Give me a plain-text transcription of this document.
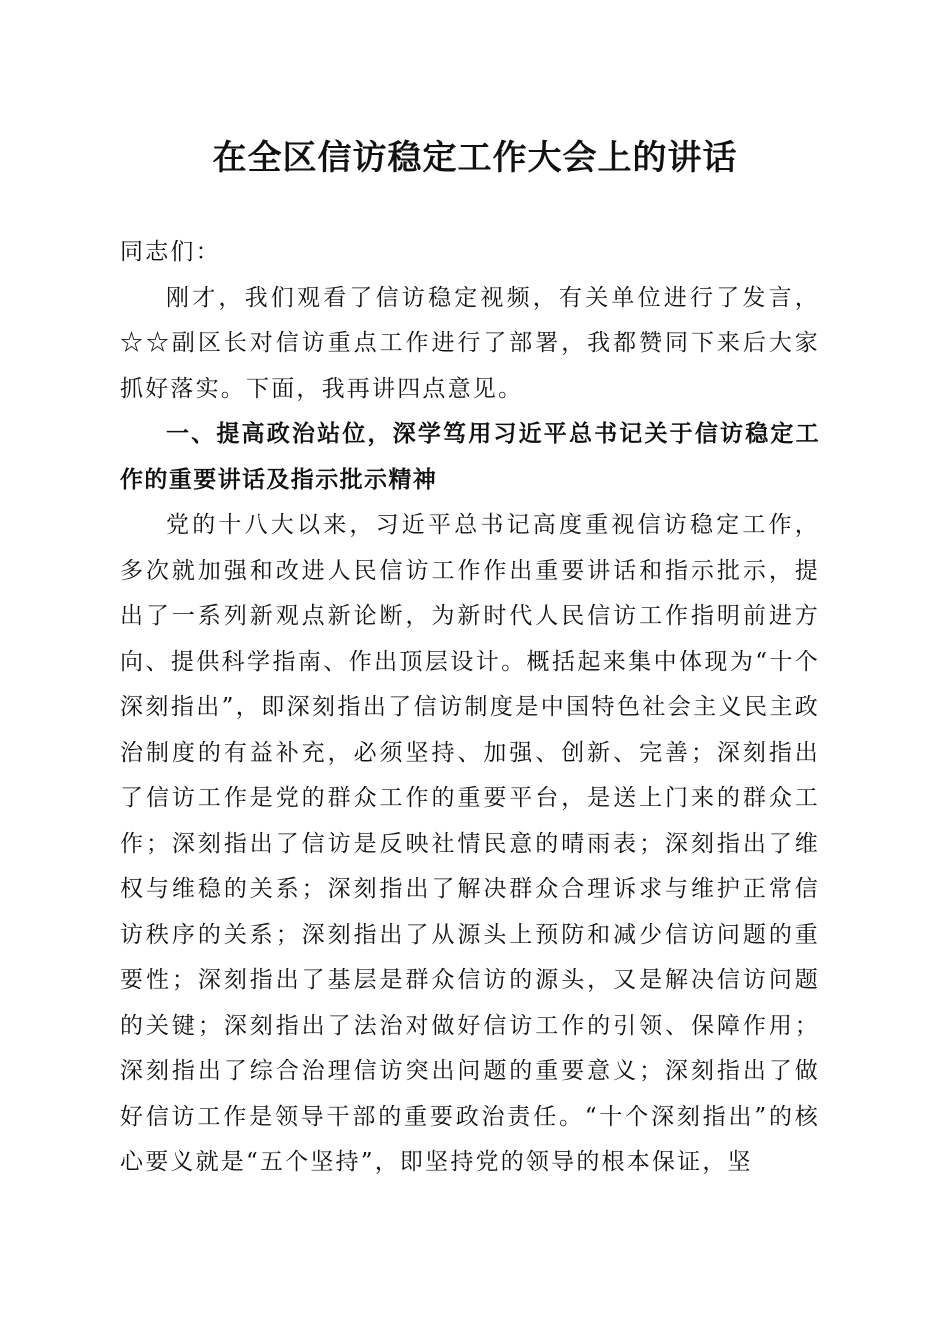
在全区信访稳定工作大会上的讲话

同志们：

刚才，我们观看了信访稳定视频，有关单位进行了发言，☆☆副区长对信访重点工作进行了部署，我都赞同下来后大家抓好落实。下面，我再讲四点意见。

一、提高政治站位，深学笃用习近平总书记关于信访稳定工作的重要讲话及指示批示精神

党的十八大以来，习近平总书记高度重视信访稳定工作，多次就加强和改进人民信访工作作出重要讲话和指示批示，提出了一系列新观点新论断，为新时代人民信访工作指明前进方向、提供科学指南、作出顶层设计。概括起来集中体现为“十个深刻指出”，即深刻指出了信访制度是中国特色社会主义民主政治制度的有益补充，必须坚持、加强、创新、完善；深刻指出了信访工作是党的群众工作的重要平台，是送上门来的群众工作；深刻指出了信访是反映社情民意的晴雨表；深刻指出了维权与维稳的关系；深刻指出了解决群众合理诉求与维护正常信访秩序的关系；深刻指出了从源头上预防和减少信访问题的重要性；深刻指出了基层是群众信访的源头，又是解决信访问题的关键；深刻指出了法治对做好信访工作的引领、保障作用；深刻指出了综合治理信访突出问题的重要意义；深刻指出了做好信访工作是领导干部的重要政治责任。“十个深刻指出”的核心要义就是“五个坚持”，即坚持党的领导的根本保证，坚
